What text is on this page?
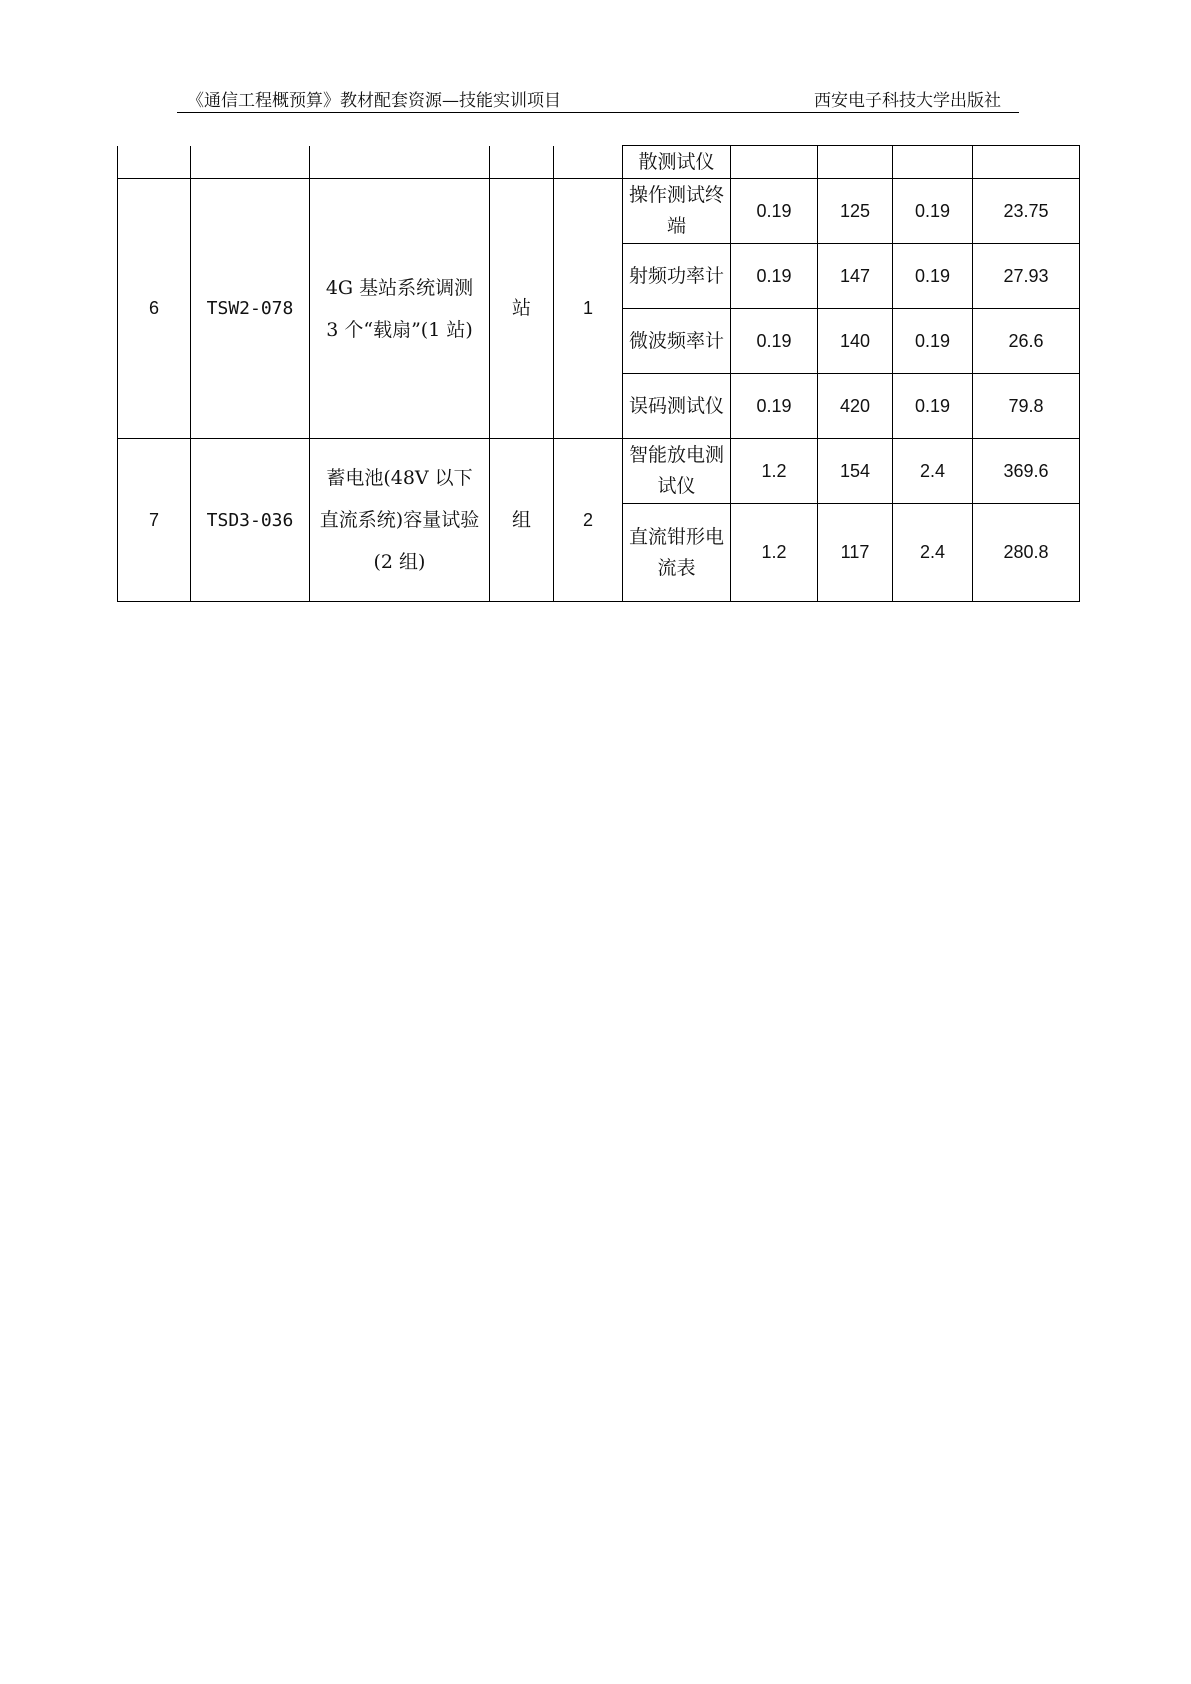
《通信工程概预算》教材配套资源—技能实训项目	西安电子科技大学出版社
					散测试仪				
6	TSW2-078	4G 基站系统调测 3 个“载扇”(1 站)	站	1	操作测试终端	0.19	125	0.19	23.75
					射频功率计	0.19	147	0.19	27.93
					微波频率计	0.19	140	0.19	26.6
					误码测试仪	0.19	420	0.19	79.8
7	TSD3-036	蓄电池(48V 以下直流系统)容量试验(2 组)	组	2	智能放电测试仪	1.2	154	2.4	369.6
					直流钳形电流表	1.2	117	2.4	280.8
